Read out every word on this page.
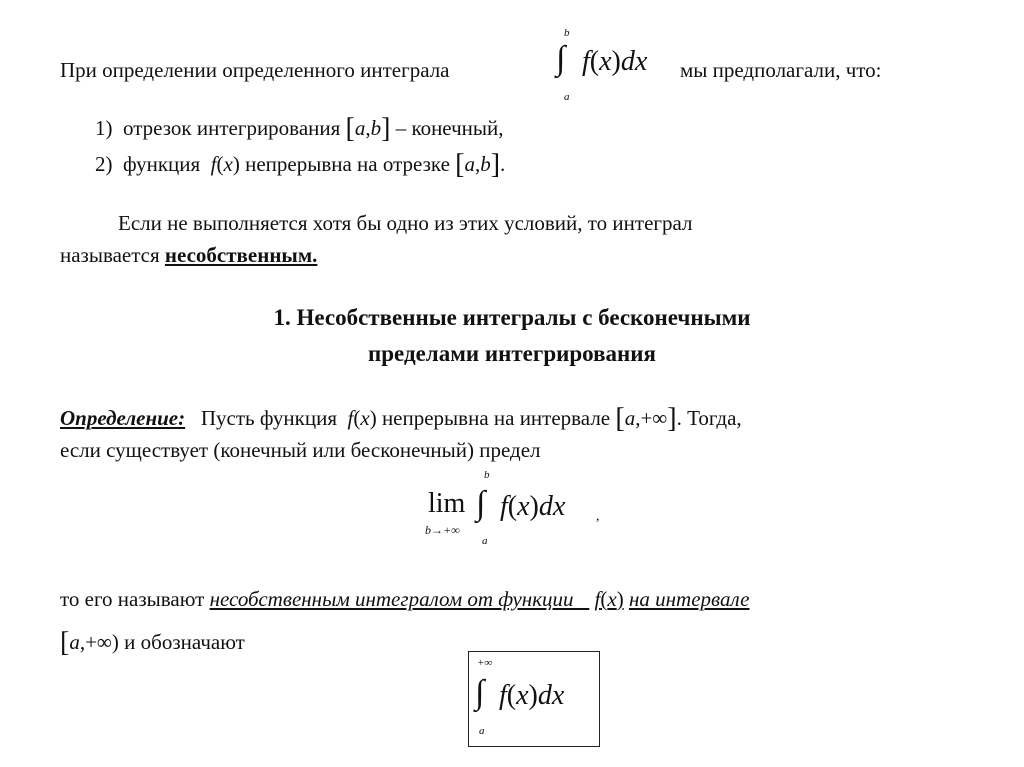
При определении определенного интеграла
b
∫
a
f(x)dx мы предполагали, что:
1) отрезок интегрирования [a,b] – конечный,
2) функция f(x) непрерывна на отрезке [a,b].
Если не выполняется хотя бы одно из этих условий, то интеграл
называется несобственным.
1. Несобственные интегралы с бесконечными
пределами интегрирования
Определение: Пусть функция f(x) непрерывна на интервале [a,+∞]. Тогда,
если существует (конечный или бесконечный) предел
lim
b→+∞
b
∫
a
f(x)dx ,
то его называют несобственным интегралом от функции f(x) на интервале
[a,+∞) и обозначают
+∞
∫
a
f(x)dx
